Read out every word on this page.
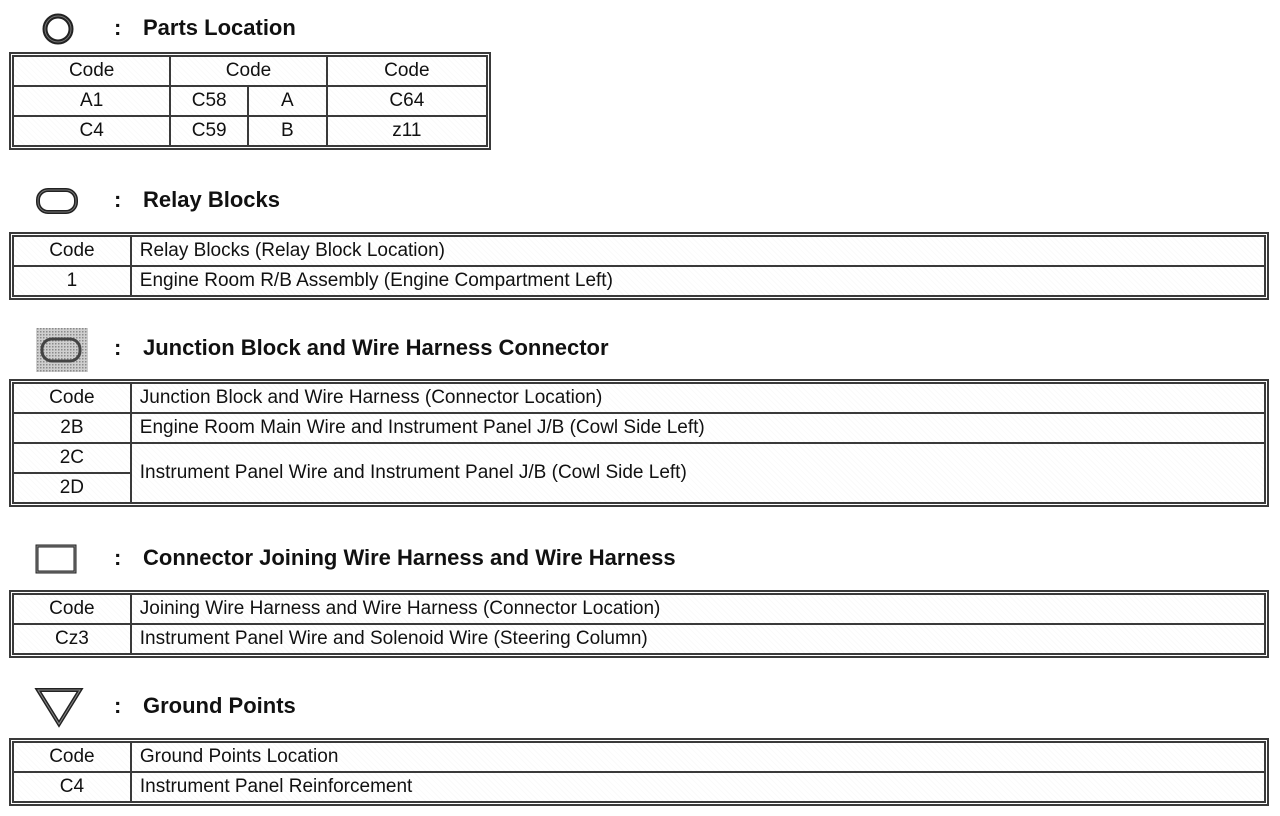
: Parts Location
Code	Code		Code
A1	C58	A	C64
C4	C59	B	z11
: Relay Blocks
Code	Relay Blocks (Relay Block Location)
1	Engine Room R/B Assembly (Engine Compartment Left)
: Junction Block and Wire Harness Connector
Code	Junction Block and Wire Harness (Connector Location)
2B	Engine Room Main Wire and Instrument Panel J/B (Cowl Side Left)
2C	Instrument Panel Wire and Instrument Panel J/B (Cowl Side Left)
2D	
: Connector Joining Wire Harness and Wire Harness
Code	Joining Wire Harness and Wire Harness (Connector Location)
Cz3	Instrument Panel Wire and Solenoid Wire (Steering Column)
: Ground Points
Code	Ground Points Location
C4	Instrument Panel Reinforcement
